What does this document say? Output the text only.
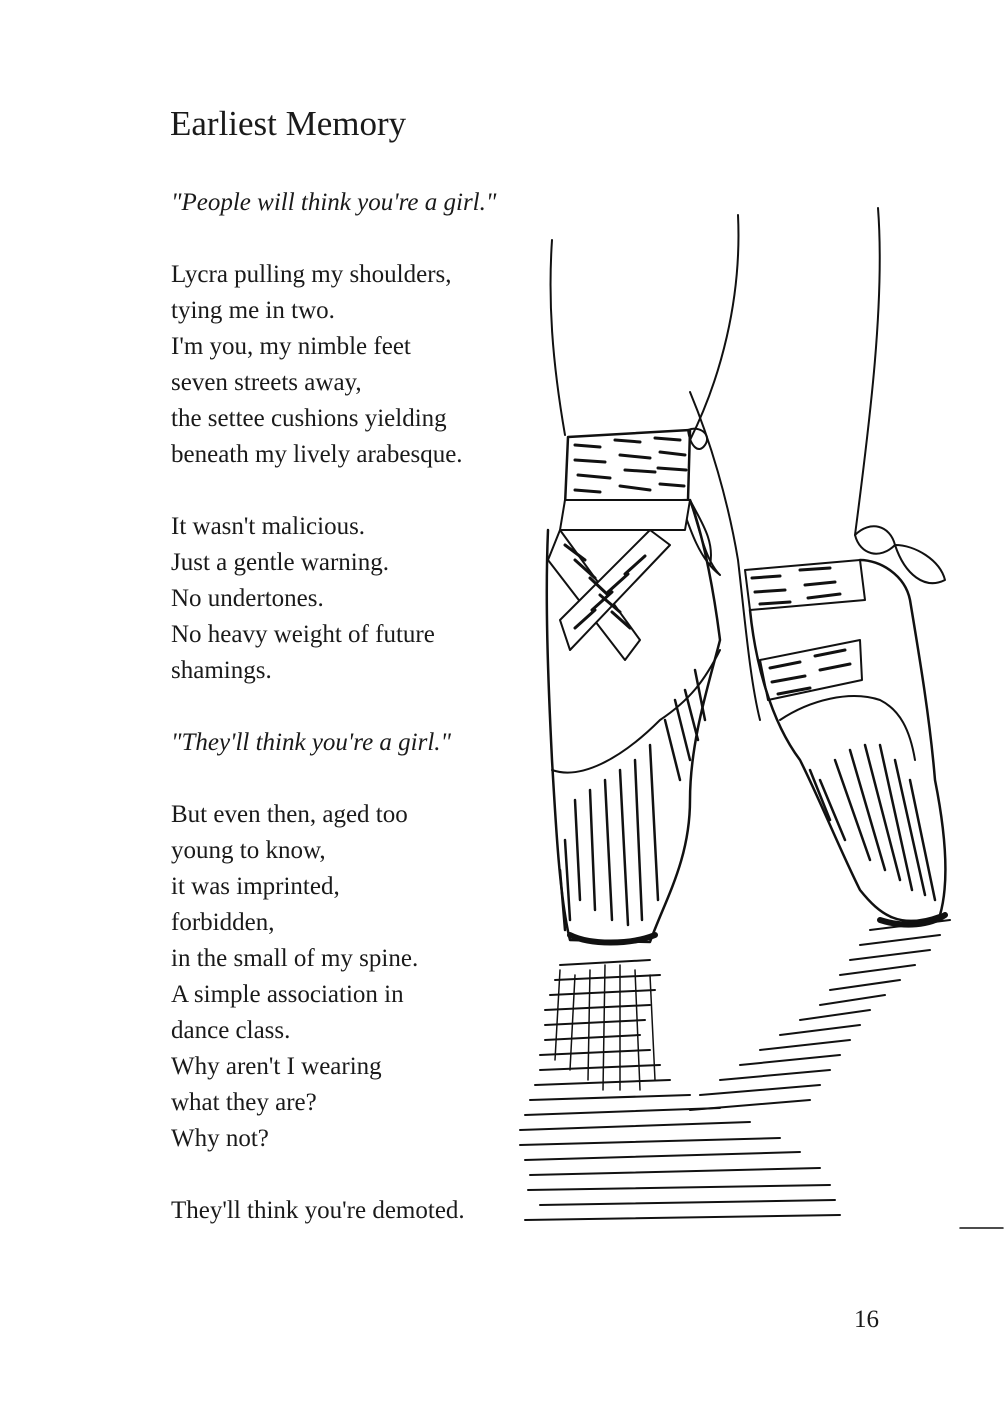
Earliest Memory
"People will think you're a girl."
Lycra pulling my shoulders,
tying me in two.
I'm you, my nimble feet
seven streets away,
the settee cushions yielding
beneath my lively arabesque.
It wasn't malicious.
Just a gentle warning.
No undertones.
No heavy weight of future
shamings.
"They'll think you're a girl."
But even then, aged too
young to know,
it was imprinted,
forbidden,
in the small of my spine.
A simple association in
dance class.
Why aren't I wearing
what they are?
Why not?
They'll think you're demoted.
16
